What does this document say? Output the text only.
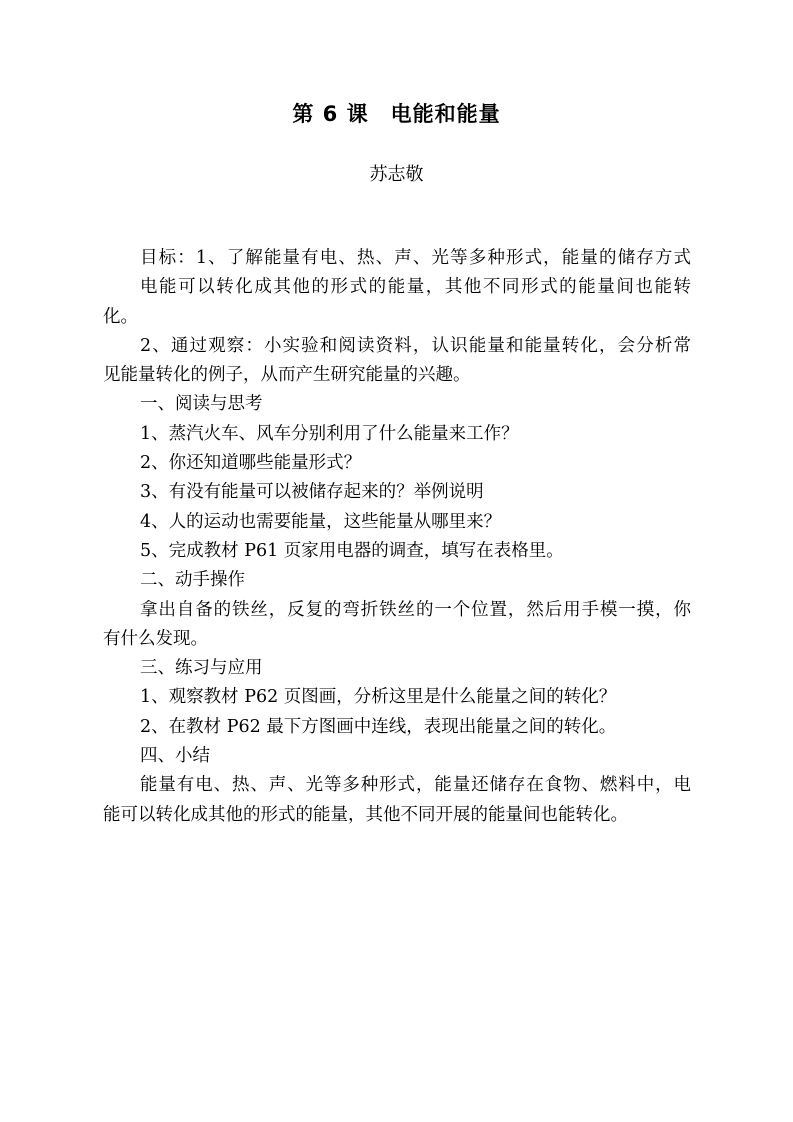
第 6 课 电能和能量
苏志敬

目标：1、了解能量有电、热、声、光等多种形式，能量的储存方式

电能可以转化成其他的形式的能量，其他不同形式的能量间也能转

化。

2、通过观察：小实验和阅读资料，认识能量和能量转化，会分析常

见能量转化的例子，从而产生研究能量的兴趣。

一、阅读与思考

1、蒸汽火车、风车分别利用了什么能量来工作？

2、你还知道哪些能量形式？

3、有没有能量可以被储存起来的？举例说明

4、人的运动也需要能量，这些能量从哪里来？

5、完成教材 P61 页家用电器的调查，填写在表格里。

二、动手操作

拿出自备的铁丝，反复的弯折铁丝的一个位置，然后用手模一摸，你

有什么发现。

三、练习与应用

1、观察教材 P62 页图画，分析这里是什么能量之间的转化？

2、在教材 P62 最下方图画中连线，表现出能量之间的转化。

四、小结

能量有电、热、声、光等多种形式，能量还储存在食物、燃料中，电

能可以转化成其他的形式的能量，其他不同开展的能量间也能转化。
